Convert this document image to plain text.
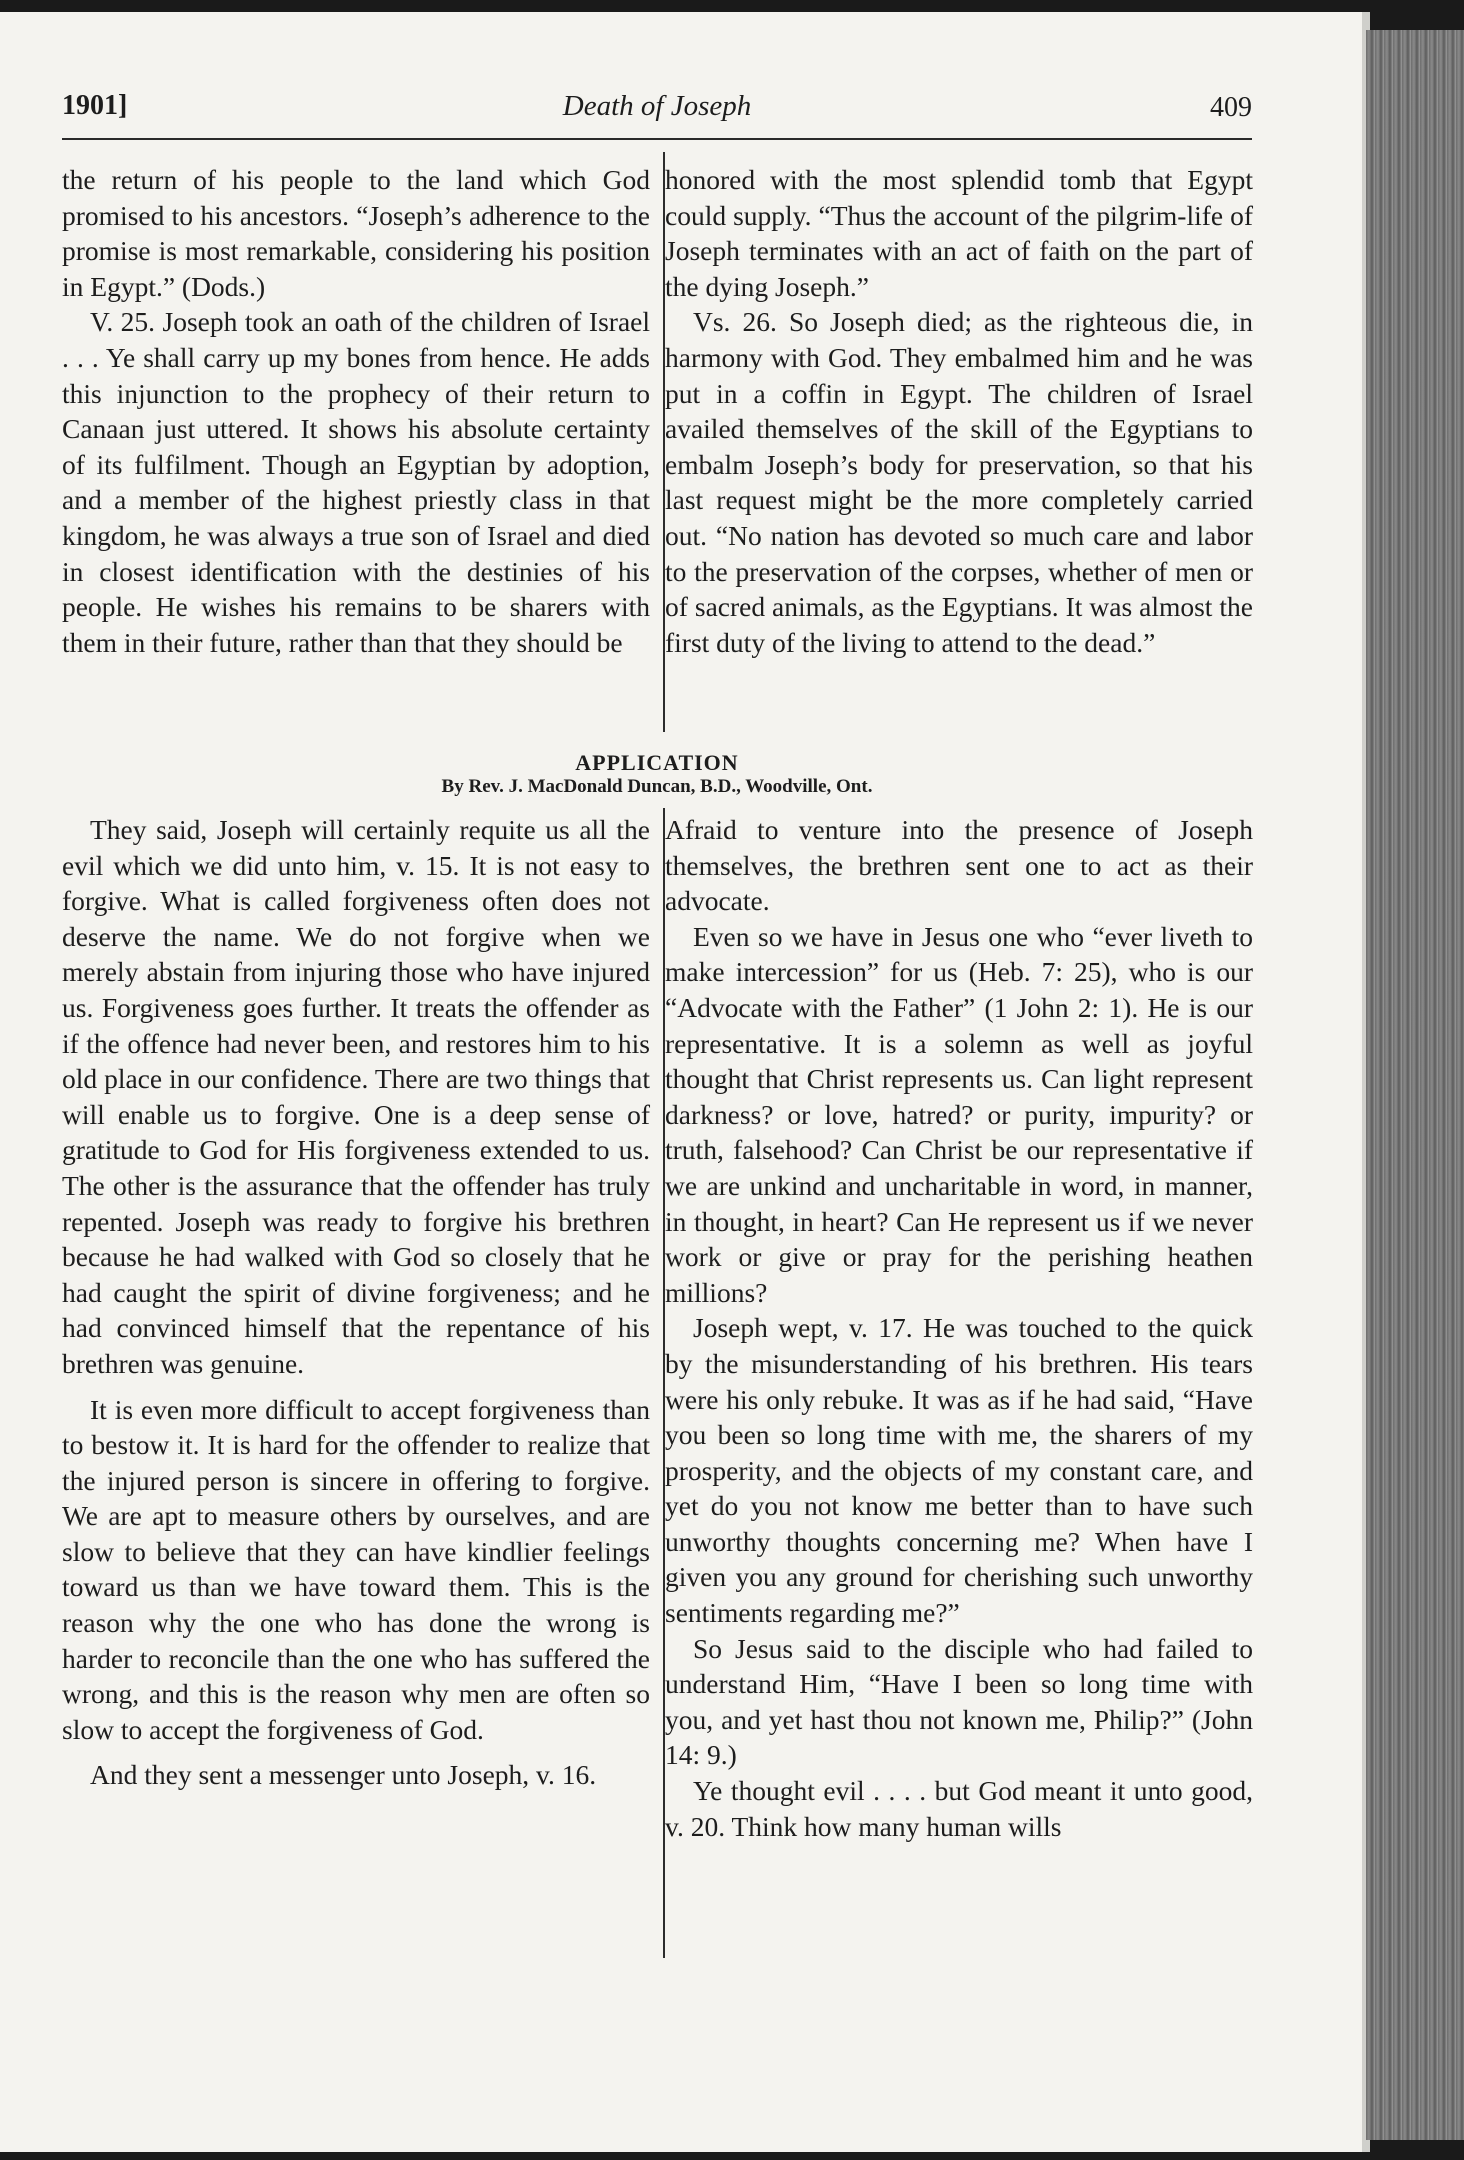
1901]	Death of Joseph	409

the return of his people to the land which God promised to his ancestors. “Joseph’s adherence to the promise is most remarkable, considering his position in Egypt.” (Dods.)

V. 25. Joseph took an oath of the children of Israel . . . Ye shall carry up my bones from hence. He adds this injunction to the prophecy of their return to Canaan just uttered. It shows his absolute certainty of its fulfilment. Though an Egyptian by adoption, and a member of the highest priestly class in that kingdom, he was always a true son of Israel and died in closest identification with the destinies of his people. He wishes his remains to be sharers with them in their future, rather than that they should be

honored with the most splendid tomb that Egypt could supply. “Thus the account of the pilgrim-life of Joseph terminates with an act of faith on the part of the dying Joseph.”

Vs. 26. So Joseph died; as the righteous die, in harmony with God. They embalmed him and he was put in a coffin in Egypt. The children of Israel availed themselves of the skill of the Egyptians to embalm Joseph’s body for preservation, so that his last request might be the more completely carried out. “No nation has devoted so much care and labor to the preservation of the corpses, whether of men or of sacred animals, as the Egyptians. It was almost the first duty of the living to attend to the dead.”

APPLICATION
By Rev. J. MacDonald Duncan, B.D., Woodville, Ont.

They said, Joseph will certainly requite us all the evil which we did unto him, v. 15. It is not easy to forgive. What is called forgiveness often does not deserve the name. We do not forgive when we merely abstain from injuring those who have injured us. Forgiveness goes further. It treats the offender as if the offence had never been, and restores him to his old place in our confidence. There are two things that will enable us to forgive. One is a deep sense of gratitude to God for His forgiveness extended to us. The other is the assurance that the offender has truly repented. Joseph was ready to forgive his brethren because he had walked with God so closely that he had caught the spirit of divine forgiveness; and he had convinced himself that the repentance of his brethren was genuine.

It is even more difficult to accept forgiveness than to bestow it. It is hard for the offender to realize that the injured person is sincere in offering to forgive. We are apt to measure others by ourselves, and are slow to believe that they can have kindlier feelings toward us than we have toward them. This is the reason why the one who has done the wrong is harder to reconcile than the one who has suffered the wrong, and this is the reason why men are often so slow to accept the forgiveness of God.

And they sent a messenger unto Joseph, v. 16.

Afraid to venture into the presence of Joseph themselves, the brethren sent one to act as their advocate.

Even so we have in Jesus one who “ever liveth to make intercession” for us (Heb. 7: 25), who is our “Advocate with the Father” (1 John 2: 1). He is our representative. It is a solemn as well as joyful thought that Christ represents us. Can light represent darkness? or love, hatred? or purity, impurity? or truth, falsehood? Can Christ be our representative if we are unkind and uncharitable in word, in manner, in thought, in heart? Can He represent us if we never work or give or pray for the perishing heathen millions?

Joseph wept, v. 17. He was touched to the quick by the misunderstanding of his brethren. His tears were his only rebuke. It was as if he had said, “Have you been so long time with me, the sharers of my prosperity, and the objects of my constant care, and yet do you not know me better than to have such unworthy thoughts concerning me? When have I given you any ground for cherishing such unworthy sentiments regarding me?”

So Jesus said to the disciple who had failed to understand Him, “Have I been so long time with you, and yet hast thou not known me, Philip?” (John 14: 9.)

Ye thought evil . . . . but God meant it unto good, v. 20. Think how many human wills
